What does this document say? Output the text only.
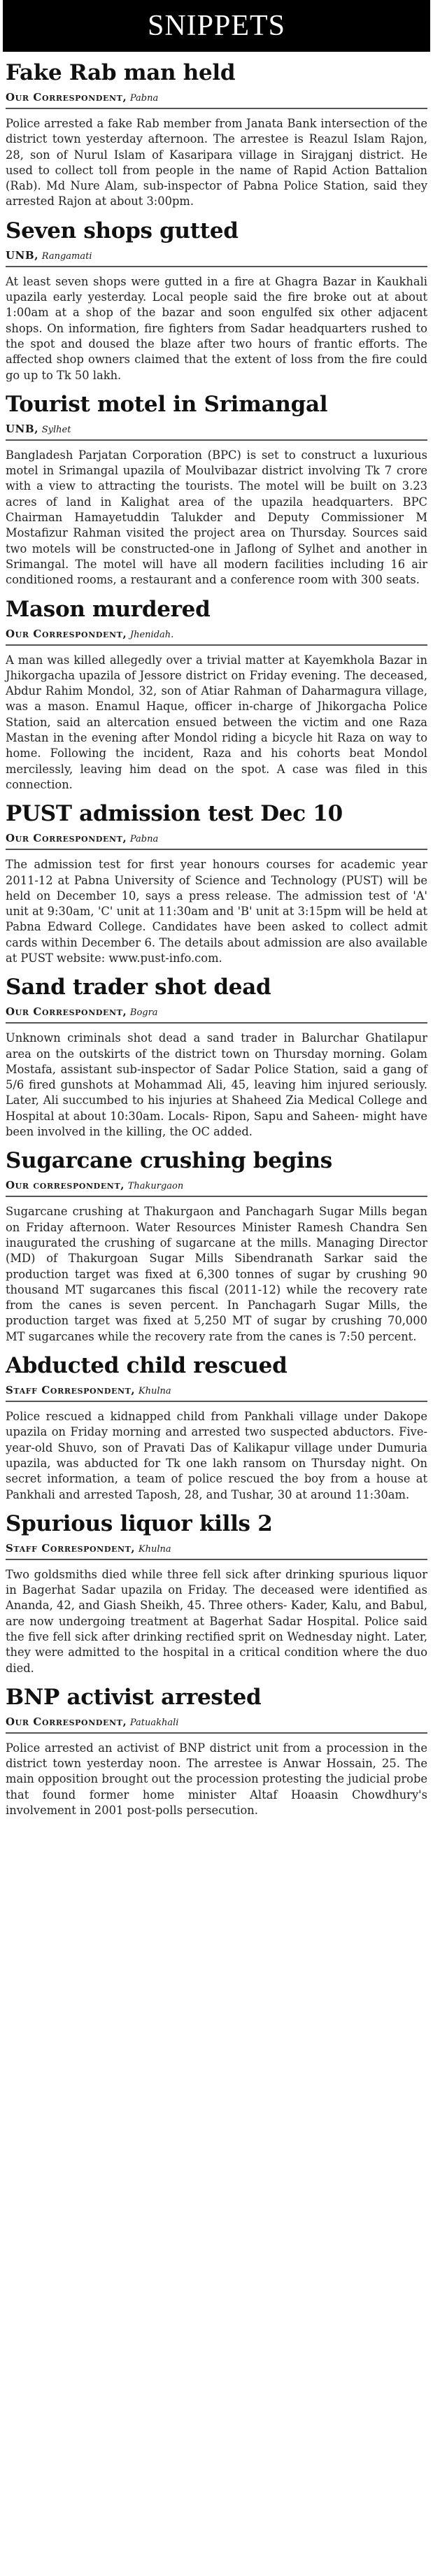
SNIPPETS
Fake Rab man held
Our Correspondent, Pabna
Police arrested a fake Rab member from Janata Bank intersection of the district town yesterday afternoon. The arrestee is Reazul Islam Rajon, 28, son of Nurul Islam of Kasaripara village in Sirajganj district. He used to collect toll from people in the name of Rapid Action Battalion (Rab). Md Nure Alam, sub-inspector of Pabna Police Station, said they arrested Rajon at about 3:00pm.
Seven shops gutted
UNB, Rangamati
At least seven shops were gutted in a fire at Ghagra Bazar in Kaukhali upazila early yesterday. Local people said the fire broke out at about 1:00am at a shop of the bazar and soon engulfed six other adjacent shops. On information, fire fighters from Sadar headquarters rushed to the spot and doused the blaze after two hours of frantic efforts. The affected shop owners claimed that the extent of loss from the fire could go up to Tk 50 lakh.
Tourist motel in Srimangal
UNB, Sylhet
Bangladesh Parjatan Corporation (BPC) is set to construct a luxurious motel in Srimangal upazila of Moulvibazar district involving Tk 7 crore with a view to attracting the tourists. The motel will be built on 3.23 acres of land in Kalighat area of the upazila headquarters. BPC Chairman Hamayetuddin Talukder and Deputy Commissioner M Mostafizur Rahman visited the project area on Thursday. Sources said two motels will be constructed-one in Jaflong of Sylhet and another in Srimangal. The motel will have all modern facilities including 16 air conditioned rooms, a restaurant and a conference room with 300 seats.
Mason murdered
Our Correspondent, Jhenidah.
A man was killed allegedly over a trivial matter at Kayemkhola Bazar in Jhikorgacha upazila of Jessore district on Friday evening. The deceased, Abdur Rahim Mondol, 32, son of Atiar Rahman of Daharmagura village, was a mason. Enamul Haque, officer in-charge of Jhikorgacha Police Station, said an altercation ensued between the victim and one Raza Mastan in the evening after Mondol riding a bicycle hit Raza on way to home. Following the incident, Raza and his cohorts beat Mondol mercilessly, leaving him dead on the spot. A case was filed in this connection.
PUST admission test Dec 10
Our Correspondent, Pabna
The admission test for first year honours courses for academic year 2011-12 at Pabna University of Science and Technology (PUST) will be held on December 10, says a press release. The admission test of 'A' unit at 9:30am, 'C' unit at 11:30am and 'B' unit at 3:15pm will be held at Pabna Edward College. Candidates have been asked to collect admit cards within December 6. The details about admission are also available at PUST website: www.pust-info.com.
Sand trader shot dead
Our Correspondent, Bogra
Unknown criminals shot dead a sand trader in Balurchar Ghatilapur area on the outskirts of the district town on Thursday morning. Golam Mostafa, assistant sub-inspector of Sadar Police Station, said a gang of 5/6 fired gunshots at Mohammad Ali, 45, leaving him injured seriously. Later, Ali succumbed to his injuries at Shaheed Zia Medical College and Hospital at about 10:30am. Locals- Ripon, Sapu and Saheen- might have been involved in the killing, the OC added.
Sugarcane crushing begins
Our correspondent, Thakurgaon
Sugarcane crushing at Thakurgaon and Panchagarh Sugar Mills began on Friday afternoon. Water Resources Minister Ramesh Chandra Sen inaugurated the crushing of sugarcane at the mills. Managing Director (MD) of Thakurgoan Sugar Mills Sibendranath Sarkar said the production target was fixed at 6,300 tonnes of sugar by crushing 90 thousand MT sugarcanes this fiscal (2011-12) while the recovery rate from the canes is seven percent. In Panchagarh Sugar Mills, the production target was fixed at 5,250 MT of sugar by crushing 70,000 MT sugarcanes while the recovery rate from the canes is 7:50 percent.
Abducted child rescued
Staff Correspondent, Khulna
Police rescued a kidnapped child from Pankhali village under Dakope upazila on Friday morning and arrested two suspected abductors. Five-year-old Shuvo, son of Pravati Das of Kalikapur village under Dumuria upazila, was abducted for Tk one lakh ransom on Thursday night. On secret information, a team of police rescued the boy from a house at Pankhali and arrested Taposh, 28, and Tushar, 30 at around 11:30am.
Spurious liquor kills 2
Staff Correspondent, Khulna
Two goldsmiths died while three fell sick after drinking spurious liquor in Bagerhat Sadar upazila on Friday. The deceased were identified as Ananda, 42, and Giash Sheikh, 45. Three others- Kader, Kalu, and Babul, are now undergoing treatment at Bagerhat Sadar Hospital. Police said the five fell sick after drinking rectified sprit on Wednesday night. Later, they were admitted to the hospital in a critical condition where the duo died.
BNP activist arrested
Our Correspondent, Patuakhali
Police arrested an activist of BNP district unit from a procession in the district town yesterday noon. The arrestee is Anwar Hossain, 25. The main opposition brought out the procession protesting the judicial probe that found former home minister Altaf Hoaasin Chowdhury's involvement in 2001 post-polls persecution.
